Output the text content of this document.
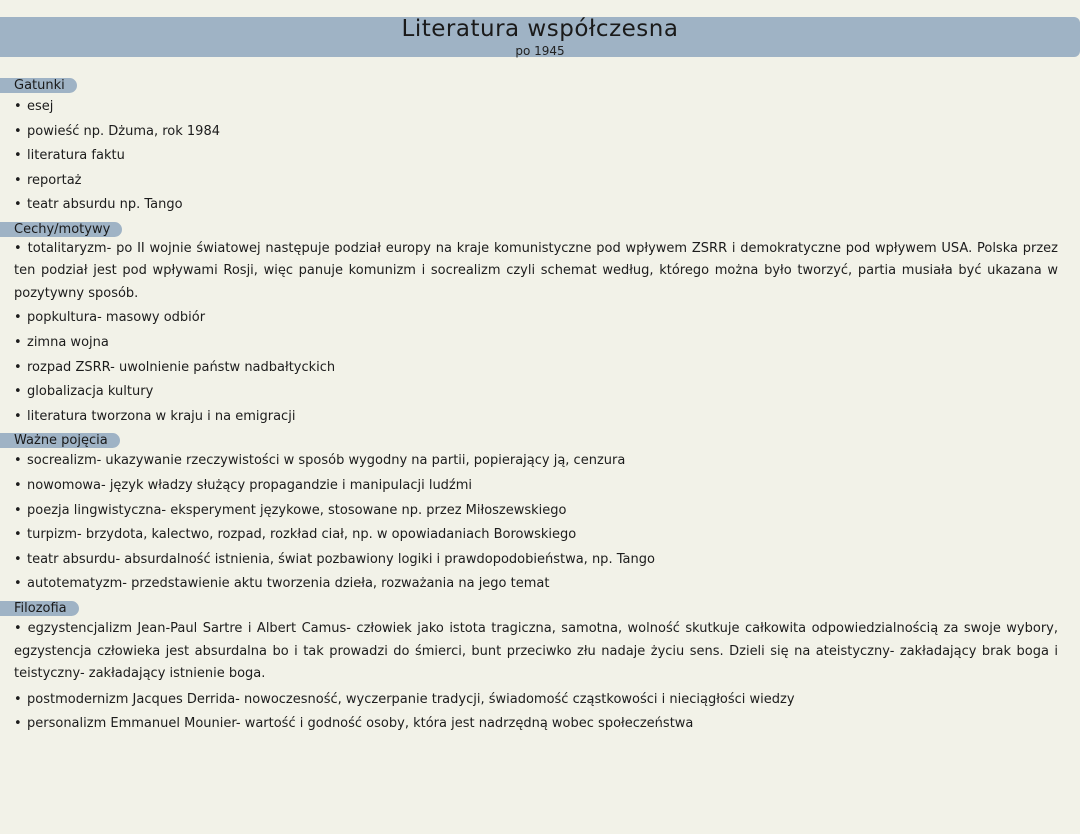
Literatura współczesna
po 1945
Gatunki
• esej
• powieść np. Dżuma, rok 1984
• literatura faktu
• reportaż
• teatr absurdu np. Tango
Cechy/motywy
• totalitaryzm- po II wojnie światowej następuje podział europy na kraje komunistyczne pod wpływem ZSRR i demokratyczne pod wpływem USA. Polska przez ten podział jest pod wpływami Rosji, więc panuje komunizm i socrealizm czyli schemat według, którego można było tworzyć, partia musiała być ukazana w pozytywny sposób.
• popkultura- masowy odbiór
• zimna wojna
• rozpad ZSRR- uwolnienie państw nadbałtyckich
• globalizacja kultury
• literatura tworzona w kraju i na emigracji
Ważne pojęcia
• socrealizm- ukazywanie rzeczywistości w sposób wygodny na partii, popierający ją, cenzura
• nowomowa- język władzy służący propagandzie i manipulacji ludźmi
• poezja lingwistyczna- eksperyment językowe, stosowane np. przez Miłoszewskiego
• turpizm- brzydota, kalectwo, rozpad, rozkład ciał, np. w opowiadaniach Borowskiego
• teatr absurdu- absurdalność istnienia, świat pozbawiony logiki i prawdopodobieństwa, np. Tango
• autotematyzm- przedstawienie aktu tworzenia dzieła, rozważania na jego temat
Filozofia
• egzystencjalizm Jean-Paul Sartre i Albert Camus- człowiek jako istota tragiczna, samotna, wolność skutkuje całkowita odpowiedzialnością za swoje wybory, egzystencja człowieka jest absurdalna bo i tak prowadzi do śmierci, bunt przeciwko złu nadaje życiu sens. Dzieli się na ateistyczny- zakładający brak boga i teistyczny- zakładający istnienie boga.
• postmodernizm Jacques Derrida- nowoczesność, wyczerpanie tradycji, świadomość cząstkowości i nieciągłości wiedzy
• personalizm Emmanuel Mounier- wartość i godność osoby, która jest nadrzędną wobec społeczeństwa
